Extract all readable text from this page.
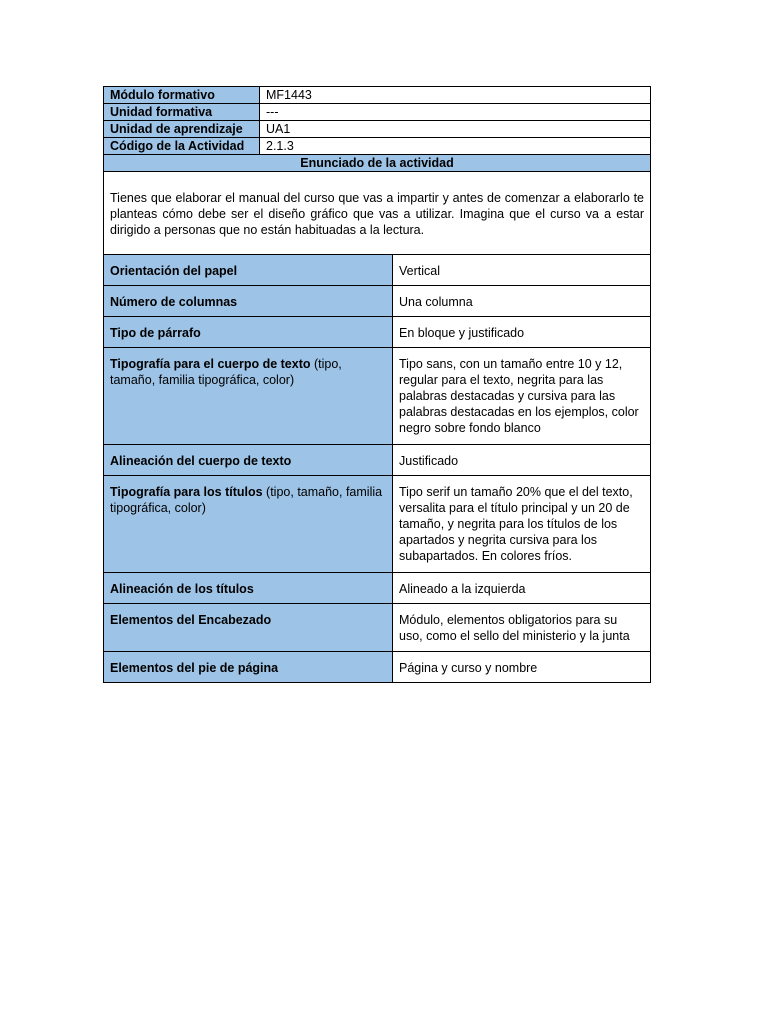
Módulo formativo	MF1443
Unidad formativa	---
Unidad de aprendizaje	UA1
Código de la Actividad	2.1.3
Enunciado de la actividad	
Tienes que elaborar el manual del curso que vas a impartir y antes de comenzar a elaborarlo te planteas cómo debe ser el diseño gráfico que vas a utilizar. Imagina que el curso va a estar dirigido a personas que no están habituadas a la lectura.	
Orientación del papel	Vertical
Número de columnas	Una columna
Tipo de párrafo	En bloque y justificado
Tipografía para el cuerpo de texto (tipo, tamaño, familia tipográfica, color)	Tipo sans, con un tamaño entre 10 y 12, regular para el texto, negrita para las palabras destacadas y cursiva para las palabras destacadas en los ejemplos, color negro sobre fondo blanco
Alineación del cuerpo de texto	Justificado
Tipografía para los títulos (tipo, tamaño, familia tipográfica, color)	Tipo serif un tamaño 20% que el del texto, versalita para el título principal y un 20 de tamaño, y negrita para los títulos de los apartados y negrita cursiva para los subapartados. En colores fríos.
Alineación de los títulos	Alineado a la izquierda
Elementos del Encabezado	Módulo, elementos obligatorios para su uso, como el sello del ministerio y la junta
Elementos del pie de página	Página y curso y nombre
